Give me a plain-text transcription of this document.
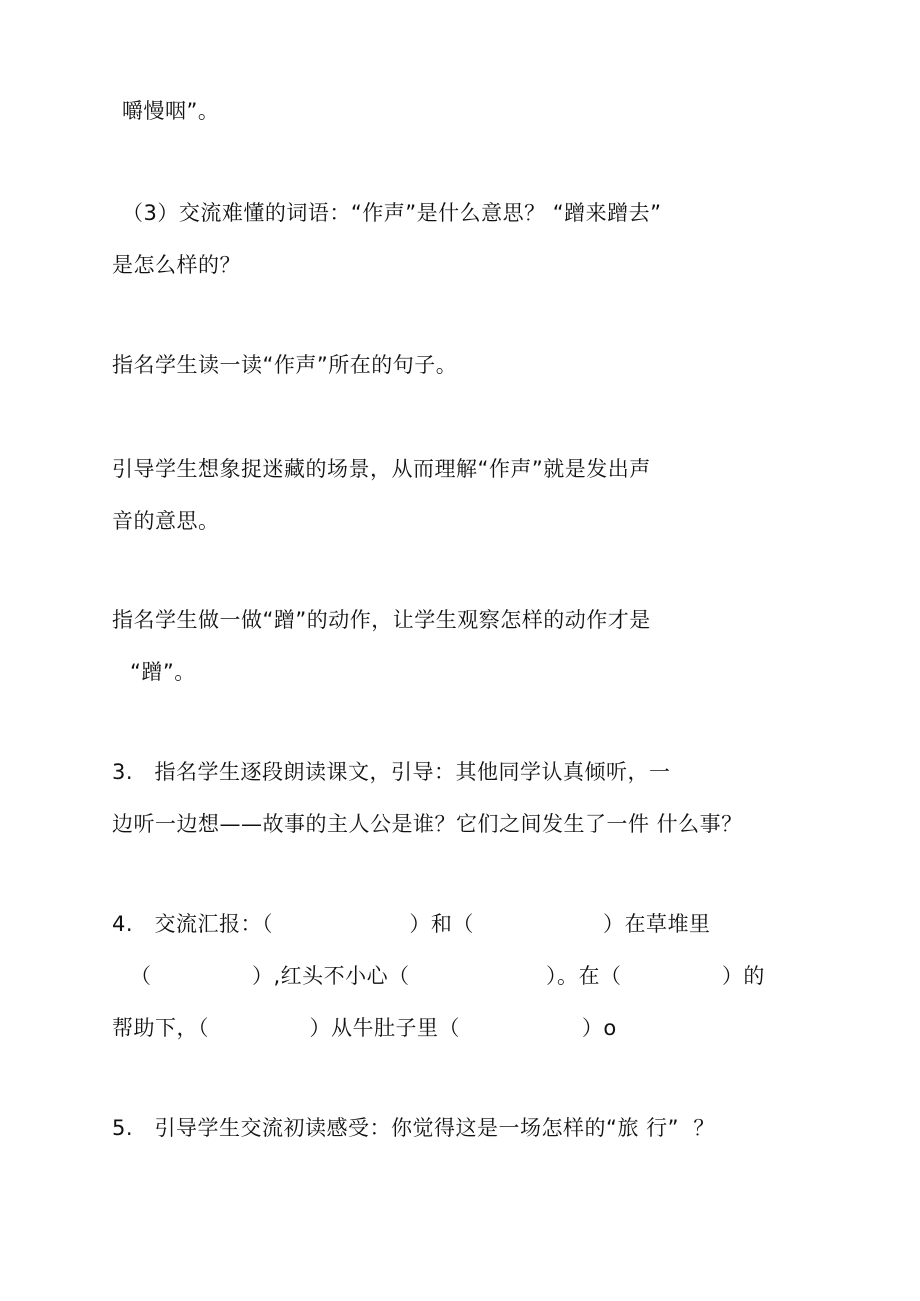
嚼慢咽”。
（3）交流难懂的词语：“作声”是什么意思？ “蹭来蹭去”
是怎么样的？
指名学生读一读“作声”所在的句子。
引导学生想象捉迷藏的场景，从而理解“作声”就是发出声
音的意思。
指名学生做一做“蹭”的动作，让学生观察怎样的动作才是
“蹭”。
3.   指名学生逐段朗读课文，引导：其他同学认真倾听，一
边听一边想——故事的主人公是谁？它们之间发生了一件 什么事？
4.   交流汇报：（                   ）和（                  ）在草堆里
（              ）,红头不小心（                   ）。在（              ）的
帮助下，（              ）从牛肚子里（                 ）o
5.   引导学生交流初读感受：你觉得这是一场怎样的“旅 行”  ？
